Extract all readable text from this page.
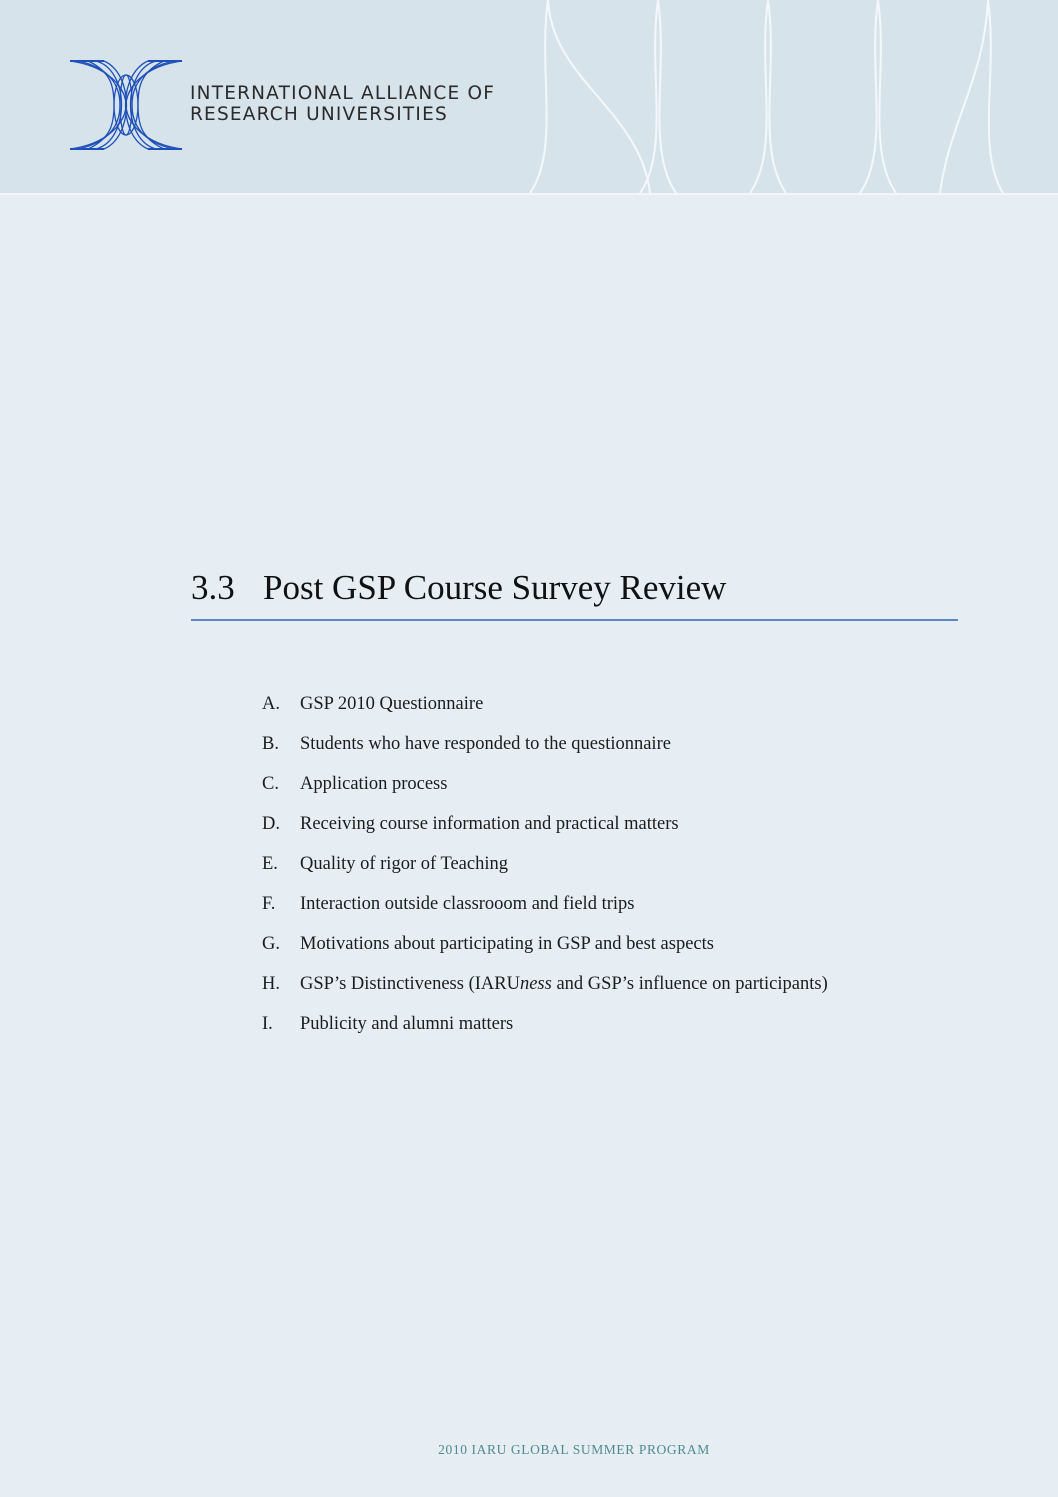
INTERNATIONAL ALLIANCE OF
RESEARCH UNIVERSITIES
3.3 Post GSP Course Survey Review
A. GSP 2010 Questionnaire
B. Students who have responded to the questionnaire
C. Application process
D. Receiving course information and practical matters
E. Quality of rigor of Teaching
F. Interaction outside classrooom and field trips
G. Motivations about participating in GSP and best aspects
H. GSP’s Distinctiveness (IARUness and GSP’s influence on participants)
I. Publicity and alumni matters
2010 IARU GLOBAL SUMMER PROGRAM
